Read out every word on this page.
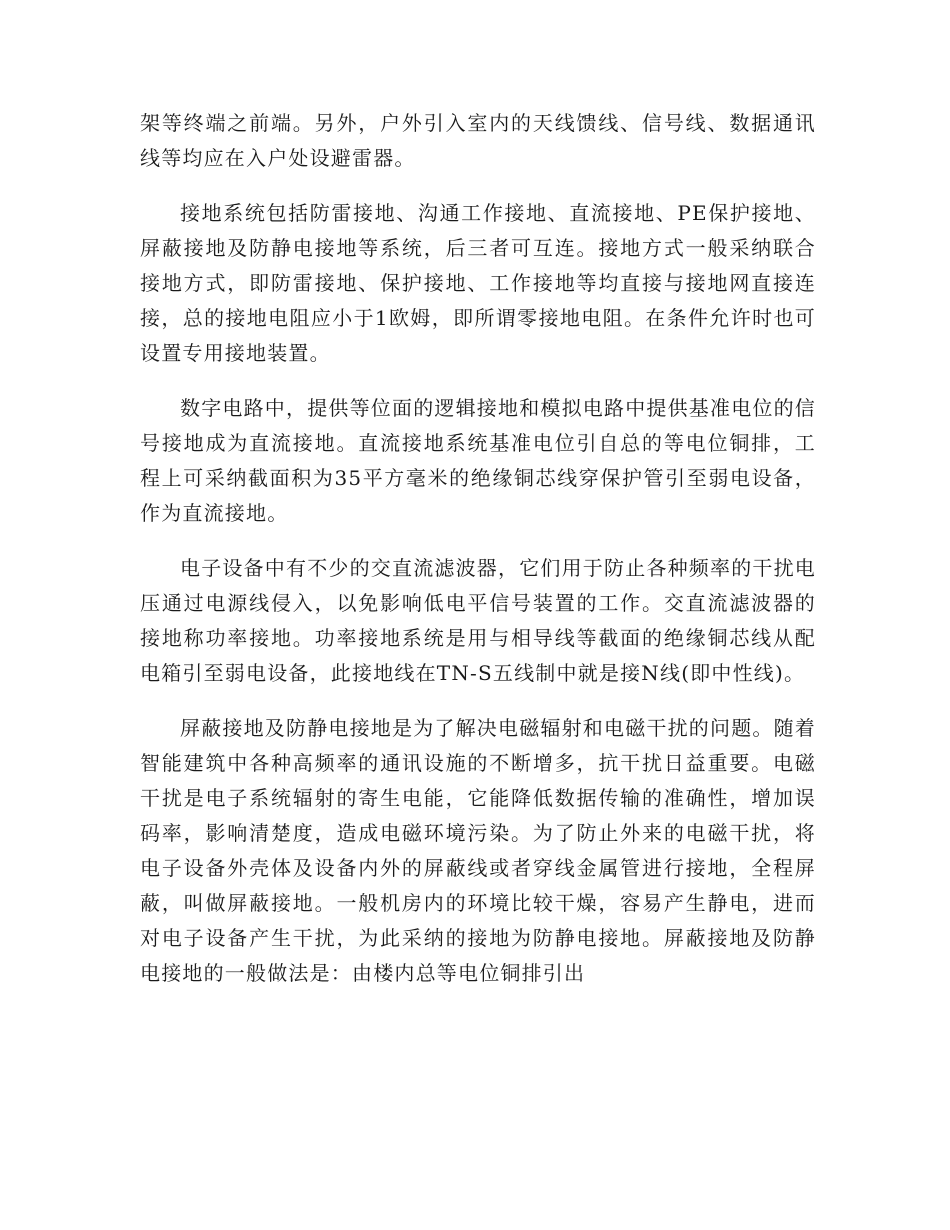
架等终端之前端。另外，户外引入室内的天线馈线、信号线、数据通讯线等均应在入户处设避雷器。

接地系统包括防雷接地、沟通工作接地、直流接地、PE保护接地、屏蔽接地及防静电接地等系统，后三者可互连。接地方式一般采纳联合接地方式，即防雷接地、保护接地、工作接地等均直接与接地网直接连接，总的接地电阻应小于1欧姆，即所谓零接地电阻。在条件允许时也可设置专用接地装置。

数字电路中，提供等位面的逻辑接地和模拟电路中提供基准电位的信号接地成为直流接地。直流接地系统基准电位引自总的等电位铜排，工程上可采纳截面积为35平方毫米的绝缘铜芯线穿保护管引至弱电设备，作为直流接地。

电子设备中有不少的交直流滤波器，它们用于防止各种频率的干扰电压通过电源线侵入，以免影响低电平信号装置的工作。交直流滤波器的接地称功率接地。功率接地系统是用与相导线等截面的绝缘铜芯线从配电箱引至弱电设备，此接地线在TN-S五线制中就是接N线(即中性线)。

屏蔽接地及防静电接地是为了解决电磁辐射和电磁干扰的问题。随着智能建筑中各种高频率的通讯设施的不断增多，抗干扰日益重要。电磁干扰是电子系统辐射的寄生电能，它能降低数据传输的准确性，增加误码率，影响清楚度，造成电磁环境污染。为了防止外来的电磁干扰，将电子设备外壳体及设备内外的屏蔽线或者穿线金属管进行接地，全程屏蔽，叫做屏蔽接地。一般机房内的环境比较干燥，容易产生静电，进而对电子设备产生干扰，为此采纳的接地为防静电接地。屏蔽接地及防静电接地的一般做法是：由楼内总等电位铜排引出
